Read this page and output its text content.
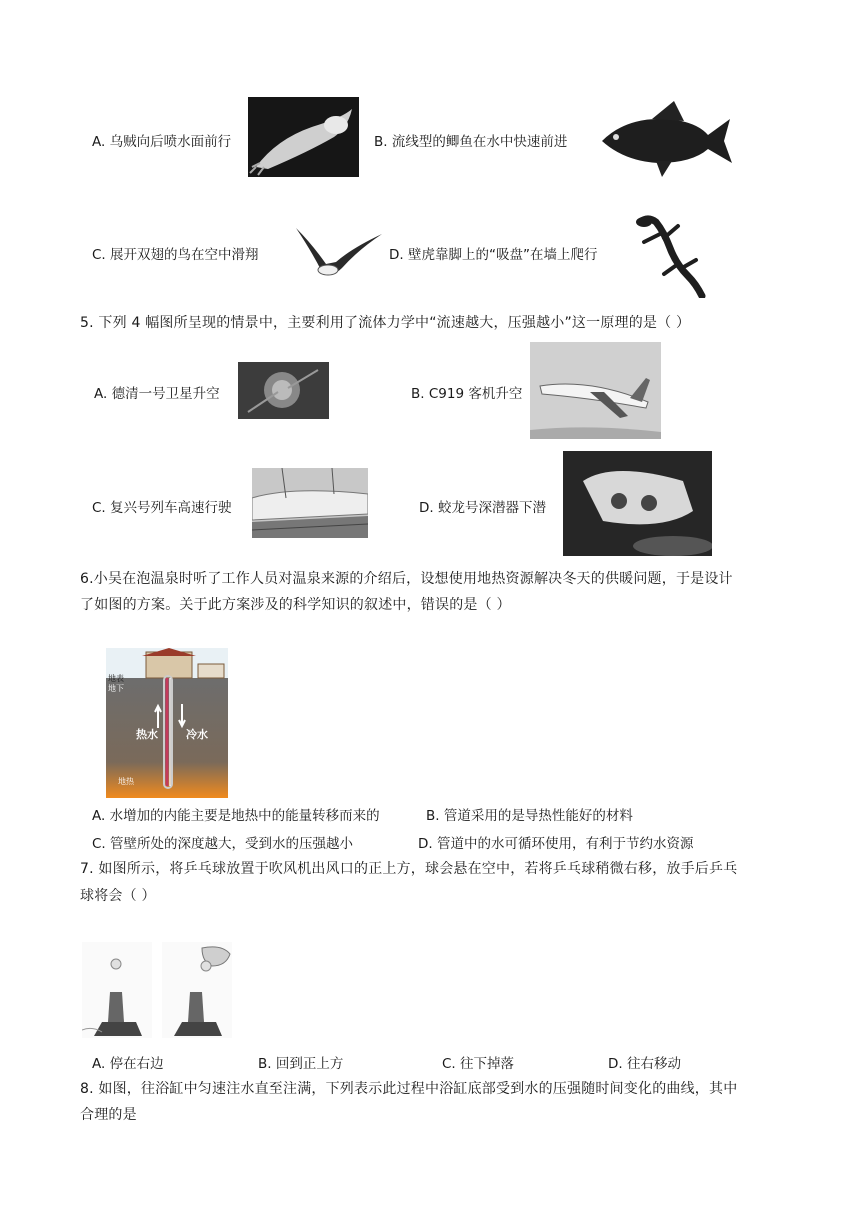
A. 乌贼向后喷水面前行	B. 流线型的鲫鱼在水中快速前进
C. 展开双翅的鸟在空中滑翔	D. 壁虎靠脚上的“吸盘”在墙上爬行
5. 下列 4 幅图所呈现的情景中，主要利用了流体力学中“流速越大，压强越小”这一原理的是（ ）
A. 德清一号卫星升空	B. C919 客机升空
C. 复兴号列车高速行驶	D. 蛟龙号深潜器下潜
6.小吴在泡温泉时听了工作人员对温泉来源的介绍后，设想使用地热资源解决冬天的供暖问题，于是设计
了如图的方案。关于此方案涉及的科学知识的叙述中，错误的是（ ）
地表
地下
热水	冷水
地热
A. 水增加的内能主要是地热中的能量转移而来的	B. 管道采用的是导热性能好的材料
C. 管壁所处的深度越大，受到水的压强越小	D. 管道中的水可循环使用，有利于节约水资源
7. 如图所示，将乒乓球放置于吹风机出风口的正上方，球会悬在空中，若将乒乓球稍微右移，放手后乒乓
球将会（ ）
A. 停在右边	B. 回到正上方	C. 往下掉落	D. 往右移动
8. 如图，往浴缸中匀速注水直至注满，下列表示此过程中浴缸底部受到水的压强随时间变化的曲线，其中
合理的是
